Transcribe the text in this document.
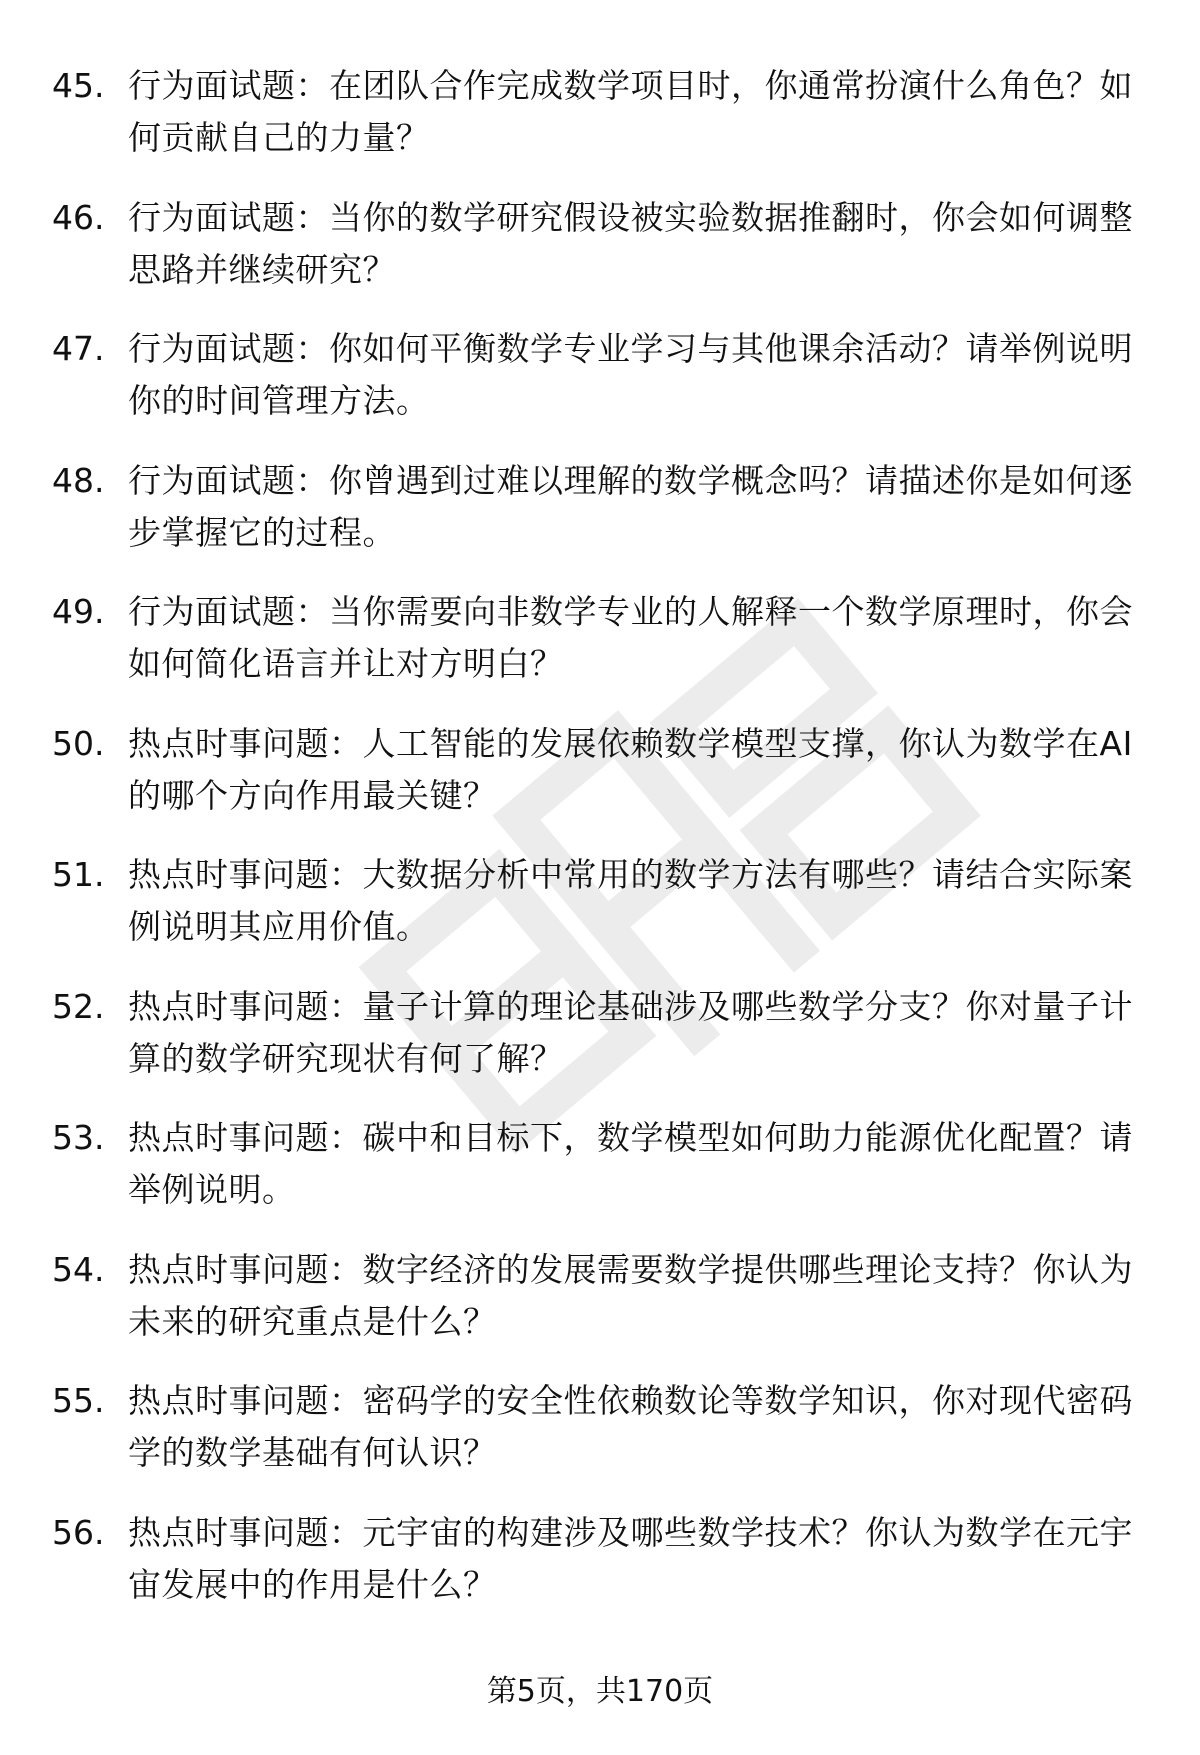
45. 行为面试题：在团队合作完成数学项目时，你通常扮演什么角色？如何贡献自己的力量？
46. 行为面试题：当你的数学研究假设被实验数据推翻时，你会如何调整思路并继续研究？
47. 行为面试题：你如何平衡数学专业学习与其他课余活动？请举例说明你的时间管理方法。
48. 行为面试题：你曾遇到过难以理解的数学概念吗？请描述你是如何逐步掌握它的过程。
49. 行为面试题：当你需要向非数学专业的人解释一个数学原理时，你会如何简化语言并让对方明白？
50. 热点时事问题：人工智能的发展依赖数学模型支撑，你认为数学在AI的哪个方向作用最关键？
51. 热点时事问题：大数据分析中常用的数学方法有哪些？请结合实际案例说明其应用价值。
52. 热点时事问题：量子计算的理论基础涉及哪些数学分支？你对量子计算的数学研究现状有何了解？
53. 热点时事问题：碳中和目标下，数学模型如何助力能源优化配置？请举例说明。
54. 热点时事问题：数字经济的发展需要数学提供哪些理论支持？你认为未来的研究重点是什么？
55. 热点时事问题：密码学的安全性依赖数论等数学知识，你对现代密码学的数学基础有何认识？
56. 热点时事问题：元宇宙的构建涉及哪些数学技术？你认为数学在元宇宙发展中的作用是什么？
第5页，共170页
